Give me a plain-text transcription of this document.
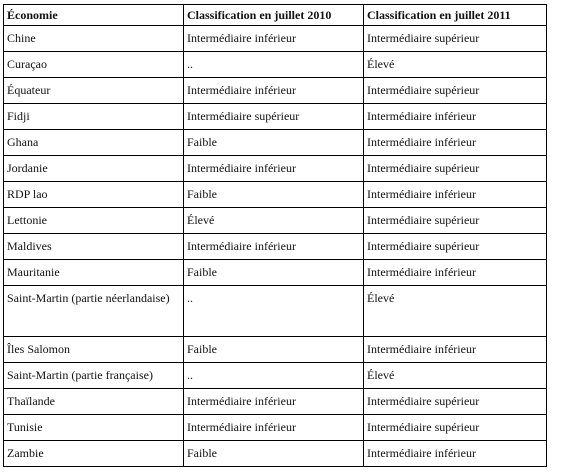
Économie	Classification en juillet 2010	Classification en juillet 2011
Chine	Intermédiaire inférieur	Intermédiaire supérieur
Curaçao	..	Élevé
Équateur	Intermédiaire inférieur	Intermédiaire supérieur
Fidji	Intermédiaire supérieur	Intermédiaire inférieur
Ghana	Faible	Intermédiaire inférieur
Jordanie	Intermédiaire inférieur	Intermédiaire supérieur
RDP lao	Faible	Intermédiaire inférieur
Lettonie	Élevé	Intermédiaire supérieur
Maldives	Intermédiaire inférieur	Intermédiaire supérieur
Mauritanie	Faible	Intermédiaire inférieur
Saint-Martin (partie néerlandaise)	..	Élevé
Îles Salomon	Faible	Intermédiaire inférieur
Saint-Martin (partie française)	..	Élevé
Thaïlande	Intermédiaire inférieur	Intermédiaire supérieur
Tunisie	Intermédiaire inférieur	Intermédiaire supérieur
Zambie	Faible	Intermédiaire inférieur
